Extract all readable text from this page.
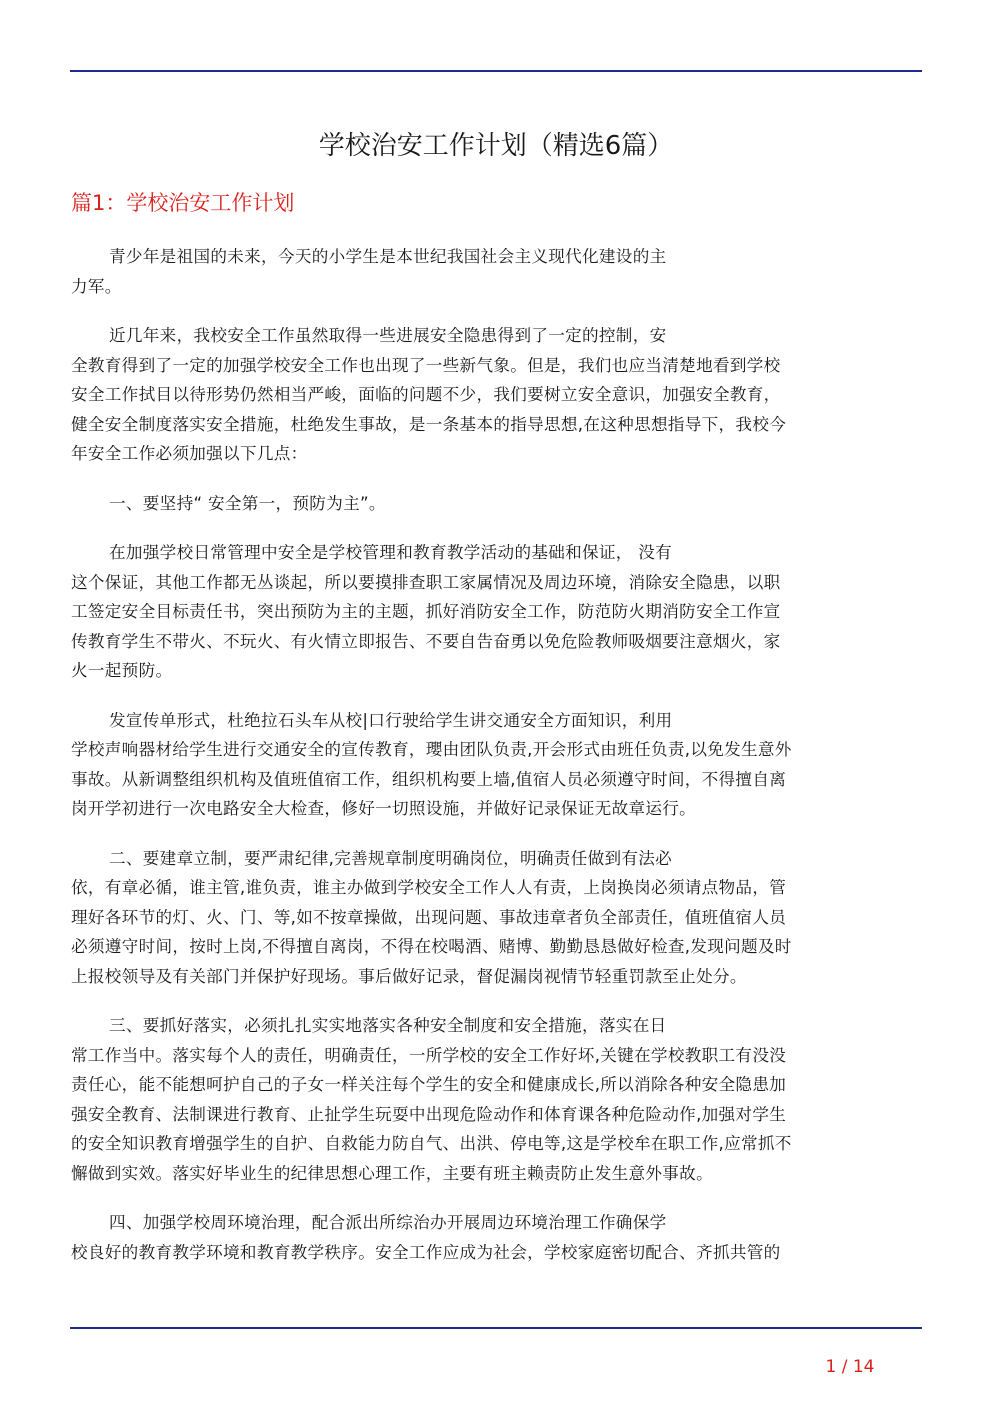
学校治安工作计划（精选6篇）
篇1：学校治安工作计划
青少年是祖国的未来，今天的小学生是本世纪我国社会主义现代化建设的主
力军。
近几年来，我校安全工作虽然取得一些进展安全隐患得到了一定的控制，安
全教育得到了一定的加强学校安全工作也出现了一些新气象。但是，我们也应当清楚地看到学校
安全工作拭目以待形势仍然相当严峻，面临的问题不少，我们要树立安全意识，加强安全教育，
健全安全制度落实安全措施，杜绝发生事故，是一条基本的指导思想,在这种思想指导下，我校今
年安全工作必须加强以下几点：
一、要坚持“ 安全第一，预防为主”。
在加强学校日常管理中安全是学校管理和教育教学活动的基础和保证， 没有
这个保证，其他工作都无丛谈起，所以要摸排查职工家属情况及周边环境，消除安全隐患，以职
工签定安全目标责任书，突出预防为主的主题，抓好消防安全工作，防范防火期消防安全工作宣
传教育学生不带火、不玩火、有火情立即报告、不要自告奋勇以免危险教师吸烟要注意烟火，家
火一起预防。
发宣传单形式，杜绝拉石头车从校|口行驶给学生讲交通安全方面知识，利用
学校声响器材给学生进行交通安全的宣传教育，瓔由团队负责,开会形式由班任负责,以免发生意外
事故。从新调整组织机构及值班值宿工作，组织机构要上墙,值宿人员必须遵守时间，不得擅自离
岗开学初进行一次电路安全大检查，修好一切照设施，并做好记录保证无故章运行。
二、要建章立制，要严肃纪律,完善规章制度明确岗位，明确责任做到有法必
依，有章必循，谁主管,谁负责，谁主办做到学校安全工作人人有责，上岗换岗必须请点物品，管
理好各环节的灯、火、门、等,如不按章操做，出现问题、事故违章者负全部责任，值班值宿人员
必须遵守时间，按时上岗,不得擅自离岗，不得在校喝酒、赌博、勤勤恳恳做好检查,发现问题及时
上报校领导及有关部门并保护好现场。事后做好记录，督促漏岗视情节轻重罚款至止处分。
三、要抓好落实，必须扎扎实实地落实各种安全制度和安全措施，落实在日
常工作当中。落实每个人的责任，明确责任，一所学校的安全工作好坏,关键在学校教职工有没没
责任心，能不能想呵护自己的子女一样关注每个学生的安全和健康成长,所以消除各种安全隐患加
强安全教育、法制课进行教育、止扯学生玩耍中出现危险动作和体育课各种危险动作,加强对学生
的安全知识教育增强学生的自护、自救能力防自气、出洪、停电等,这是学校牟在职工作,应常抓不
懈做到实效。落实好毕业生的纪律思想心理工作，主要有班主赖责防止发生意外事故。
四、加强学校周环境治理，配合派出所综治办开展周边环境治理工作确保学
校良好的教育教学环境和教育教学秩序。安全工作应成为社会，学校家庭密切配合、齐抓共管的
1 / 14
